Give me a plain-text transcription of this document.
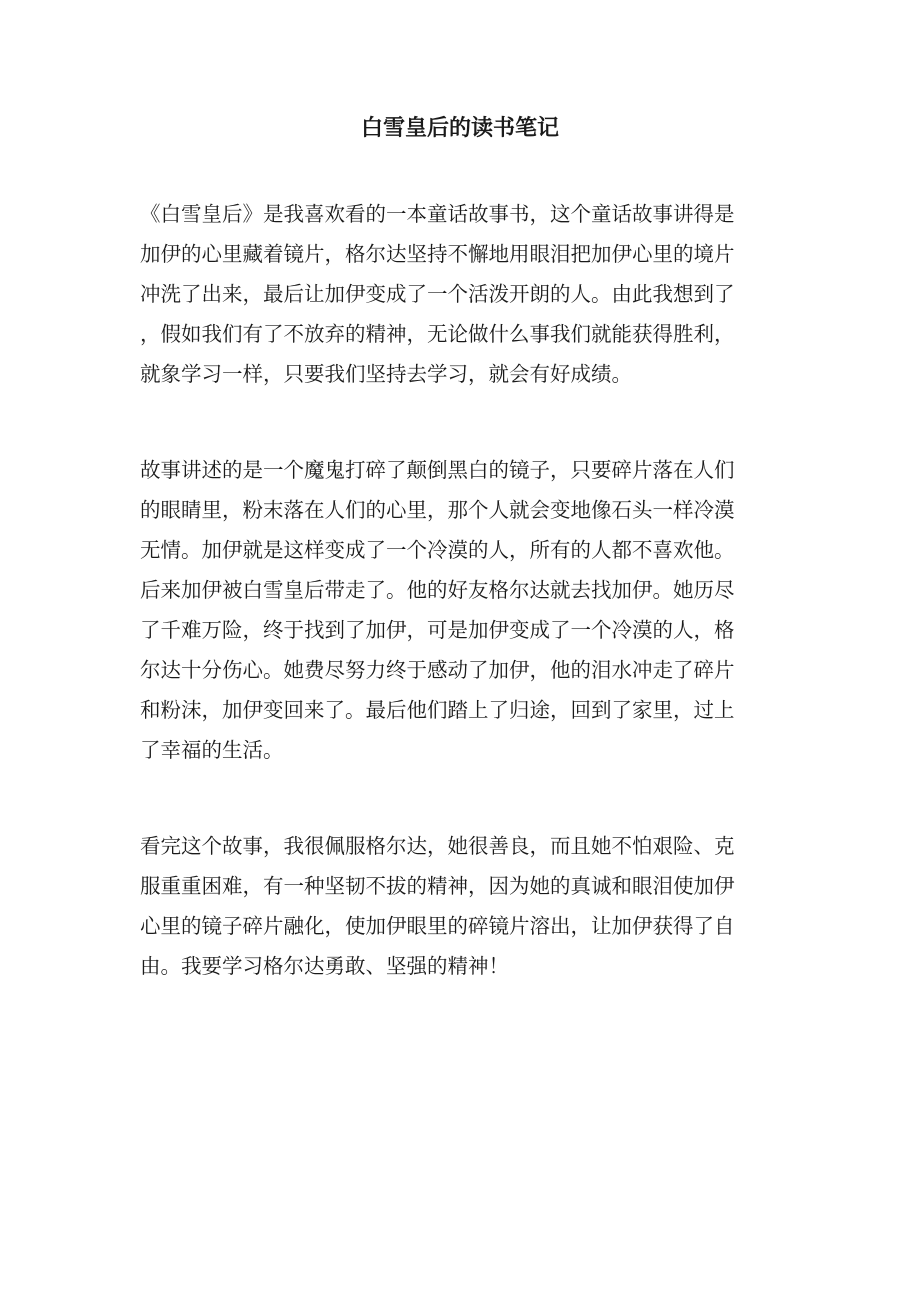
白雪皇后的读书笔记
《白雪皇后》是我喜欢看的一本童话故事书，这个童话故事讲得是
加伊的心里藏着镜片，格尔达坚持不懈地用眼泪把加伊心里的境片
冲洗了出来，最后让加伊变成了一个活泼开朗的人。由此我想到了
，假如我们有了不放弃的精神，无论做什么事我们就能获得胜利，
就象学习一样，只要我们坚持去学习，就会有好成绩。
故事讲述的是一个魔鬼打碎了颠倒黑白的镜子，只要碎片落在人们
的眼睛里，粉末落在人们的心里，那个人就会变地像石头一样冷漠
无情。加伊就是这样变成了一个冷漠的人，所有的人都不喜欢他。
后来加伊被白雪皇后带走了。他的好友格尔达就去找加伊。她历尽
了千难万险，终于找到了加伊，可是加伊变成了一个冷漠的人，格
尔达十分伤心。她费尽努力终于感动了加伊，他的泪水冲走了碎片
和粉沫，加伊变回来了。最后他们踏上了归途，回到了家里，过上
了幸福的生活。
看完这个故事，我很佩服格尔达，她很善良，而且她不怕艰险、克
服重重困难，有一种坚韧不拔的精神，因为她的真诚和眼泪使加伊
心里的镜子碎片融化，使加伊眼里的碎镜片溶出，让加伊获得了自
由。我要学习格尔达勇敢、坚强的精神！
